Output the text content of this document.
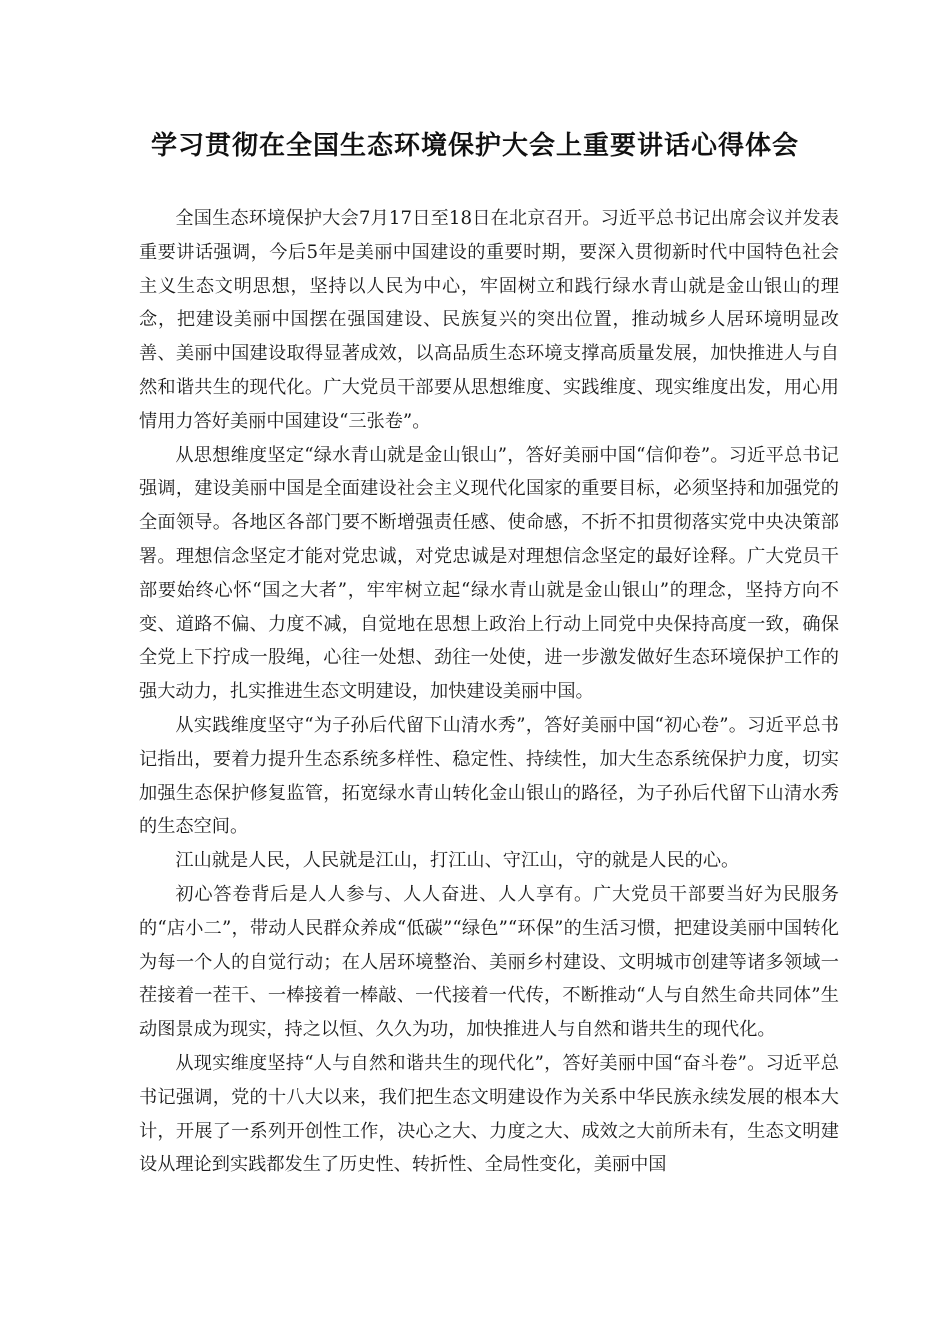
学习贯彻在全国生态环境保护大会上重要讲话心得体会

全国生态环境保护大会7月17日至18日在北京召开。习近平总书记出席会议并发表重要讲话强调，今后5年是美丽中国建设的重要时期，要深入贯彻新时代中国特色社会主义生态文明思想，坚持以人民为中心，牢固树立和践行绿水青山就是金山银山的理念，把建设美丽中国摆在强国建设、民族复兴的突出位置，推动城乡人居环境明显改善、美丽中国建设取得显著成效，以高品质生态环境支撑高质量发展，加快推进人与自然和谐共生的现代化。广大党员干部要从思想维度、实践维度、现实维度出发，用心用情用力答好美丽中国建设“三张卷”。

从思想维度坚定“绿水青山就是金山银山”，答好美丽中国“信仰卷”。习近平总书记强调，建设美丽中国是全面建设社会主义现代化国家的重要目标，必须坚持和加强党的全面领导。各地区各部门要不断增强责任感、使命感，不折不扣贯彻落实党中央决策部署。理想信念坚定才能对党忠诚，对党忠诚是对理想信念坚定的最好诠释。广大党员干部要始终心怀“国之大者”，牢牢树立起“绿水青山就是金山银山”的理念，坚持方向不变、道路不偏、力度不减，自觉地在思想上政治上行动上同党中央保持高度一致，确保全党上下拧成一股绳，心往一处想、劲往一处使，进一步激发做好生态环境保护工作的强大动力，扎实推进生态文明建设，加快建设美丽中国。

从实践维度坚守“为子孙后代留下山清水秀”，答好美丽中国“初心卷”。习近平总书记指出，要着力提升生态系统多样性、稳定性、持续性，加大生态系统保护力度，切实加强生态保护修复监管，拓宽绿水青山转化金山银山的路径，为子孙后代留下山清水秀的生态空间。

江山就是人民，人民就是江山，打江山、守江山，守的就是人民的心。

初心答卷背后是人人参与、人人奋进、人人享有。广大党员干部要当好为民服务的“店小二”，带动人民群众养成“低碳”“绿色”“环保”的生活习惯，把建设美丽中国转化为每一个人的自觉行动；在人居环境整治、美丽乡村建设、文明城市创建等诸多领域一茬接着一茬干、一棒接着一棒敲、一代接着一代传，不断推动“人与自然生命共同体”生动图景成为现实，持之以恒、久久为功，加快推进人与自然和谐共生的现代化。

从现实维度坚持“人与自然和谐共生的现代化”，答好美丽中国“奋斗卷”。习近平总书记强调，党的十八大以来，我们把生态文明建设作为关系中华民族永续发展的根本大计，开展了一系列开创性工作，决心之大、力度之大、成效之大前所未有，生态文明建设从理论到实践都发生了历史性、转折性、全局性变化，美丽中国
